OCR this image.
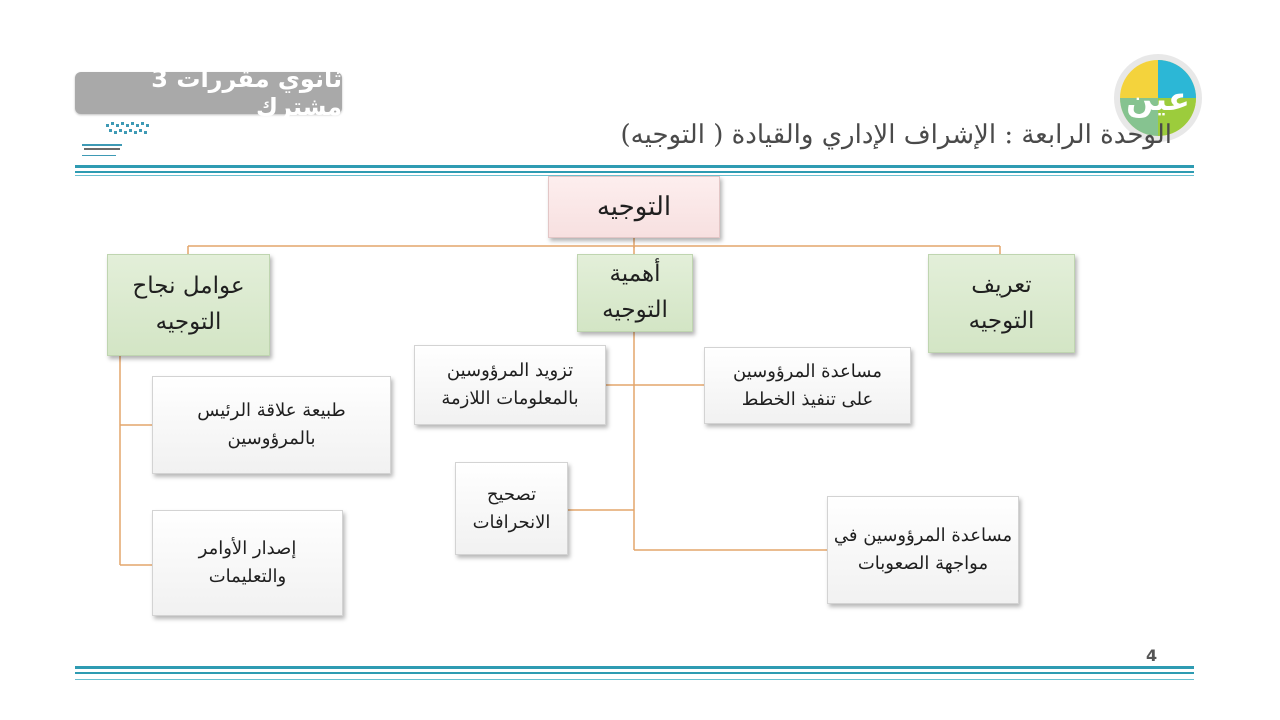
ثانوي مقررات 3 مشترك	عين
الوحدة الرابعة : الإشراف الإداري والقيادة ( التوجيه)
التوجيه
تعريف
التوجيه
أهمية
التوجيه
عوامل نجاح
التوجيه
مساعدة المرؤوسين
على تنفيذ الخطط
تزويد المرؤوسين
بالمعلومات اللازمة
تصحيح
الانحرافات
مساعدة المرؤوسين في
مواجهة الصعوبات
طبيعة علاقة الرئيس
بالمرؤوسين
إصدار الأوامر
والتعليمات
4
